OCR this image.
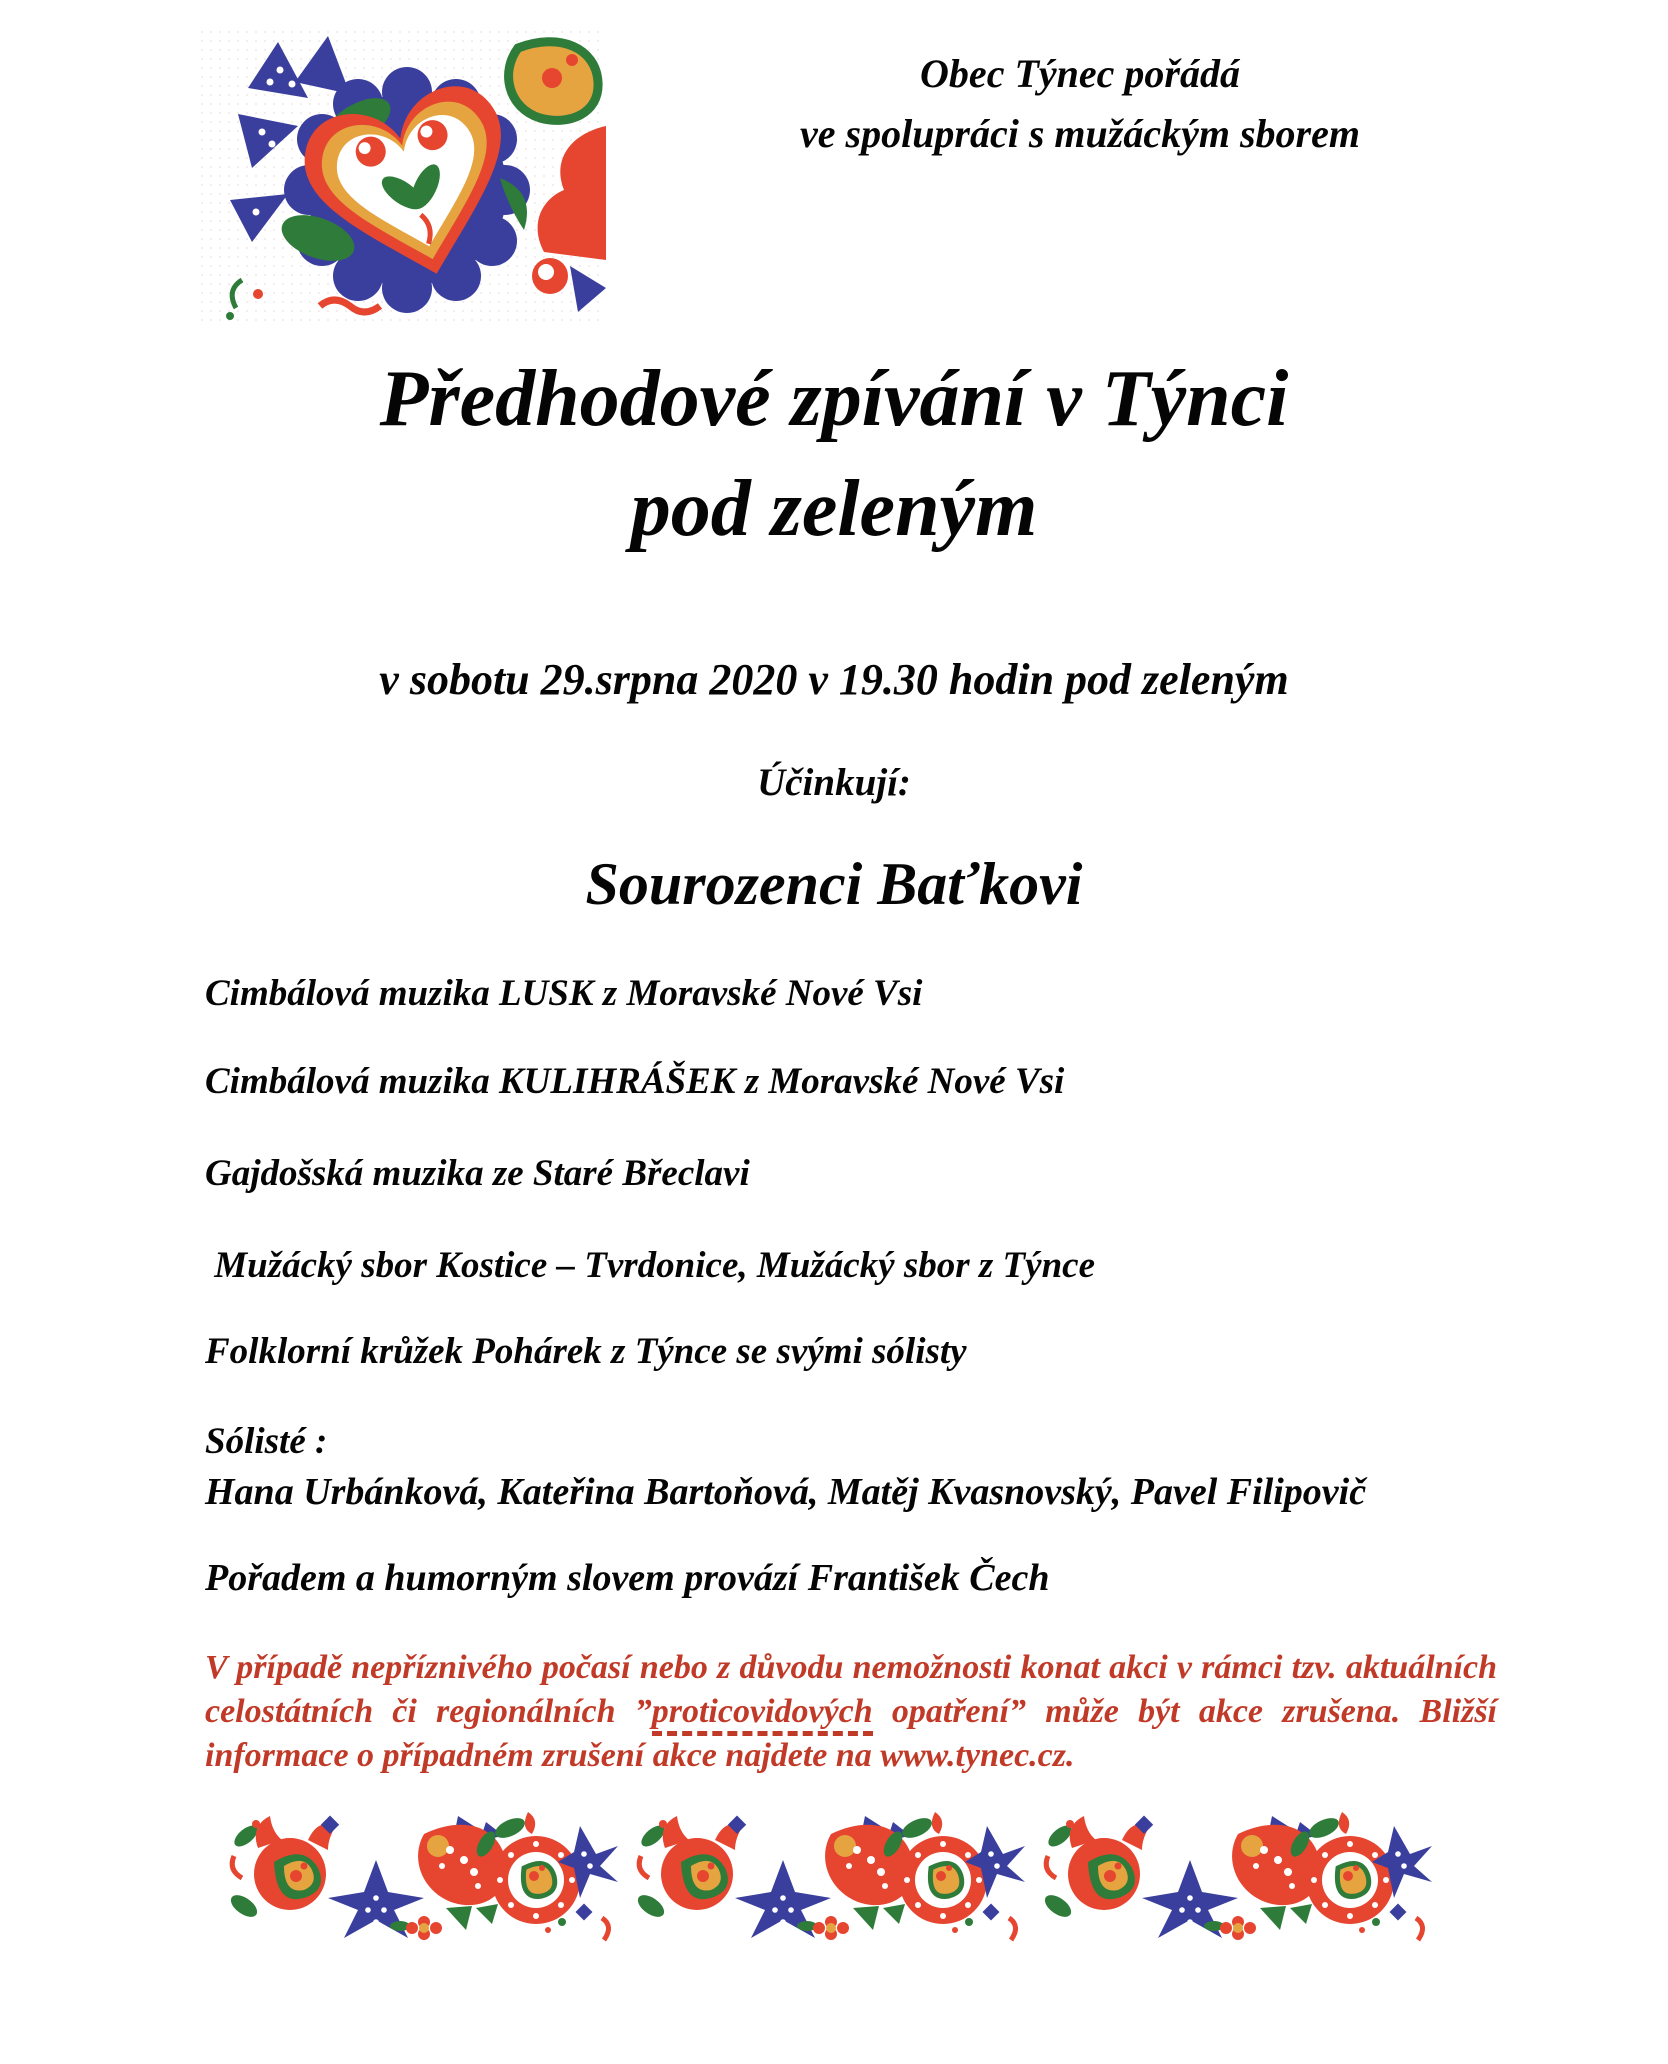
Obec Týnec pořádá
ve spolupráci s mužáckým sborem
Předhodové zpívání v Týnci
pod zeleným
v sobotu 29.srpna 2020 v 19.30 hodin pod zeleným
Účinkují:
Sourozenci Baťkovi
Cimbálová muzika LUSK z Moravské Nové Vsi
Cimbálová muzika KULIHRÁŠEK z Moravské Nové Vsi
Gajdošská muzika ze Staré Břeclavi
Mužácký sbor Kostice – Tvrdonice, Mužácký sbor z Týnce
Folklorní krůžek Pohárek z Týnce se svými sólisty
Sólisté :
Hana Urbánková, Kateřina Bartoňová, Matěj Kvasnovský, Pavel Filipovič
Pořadem a humorným slovem provází František Čech
V případě nepříznivého počasí nebo z důvodu nemožnosti konat akci v rámci tzv. aktuálních celostátních či regionálních ”proticovidových opatření” může být akce zrušena. Bližší informace o případném zrušení akce najdete na www.tynec.cz.
